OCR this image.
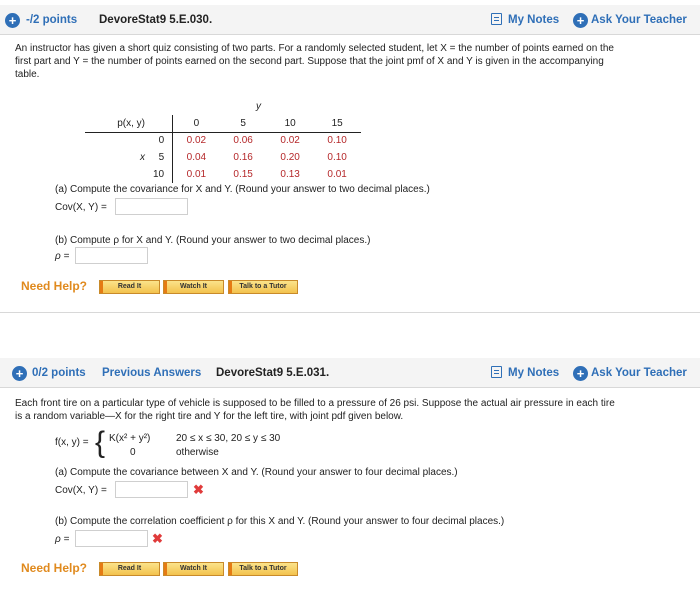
+ -/2 points DevoreStat9 5.E.030.	My Notes + Ask Your Teacher
An instructor has given a short quiz consisting of two parts. For a randomly selected student, let X = the number of points earned on the
first part and Y = the number of points earned on the second part. Suppose that the joint pmf of X and Y is given in the accompanying
table.
y
p(x, y)		0	5	10	15
	0	0.02	0.06	0.02	0.10
x	5	0.04	0.16	0.20	0.10
	10	0.01	0.15	0.13	0.01
(a) Compute the covariance for X and Y. (Round your answer to two decimal places.)
Cov(X, Y) =
(b) Compute ρ for X and Y. (Round your answer to two decimal places.)
ρ =
Need Help?	Read It	Watch It	Talk to a Tutor
+ 0/2 points Previous Answers DevoreStat9 5.E.031.	My Notes + Ask Your Teacher
Each front tire on a particular type of vehicle is supposed to be filled to a pressure of 26 psi. Suppose the actual air pressure in each tire
is a random variable—X for the right tire and Y for the left tire, with joint pdf given below.
f(x, y) = { K(x² + y²)	20 ≤ x ≤ 30, 20 ≤ y ≤ 30
0	otherwise
(a) Compute the covariance between X and Y. (Round your answer to four decimal places.)
Cov(X, Y) =	✖
(b) Compute the correlation coefficient ρ for this X and Y. (Round your answer to four decimal places.)
ρ =	✖
Need Help?	Read It	Watch It	Talk to a Tutor
